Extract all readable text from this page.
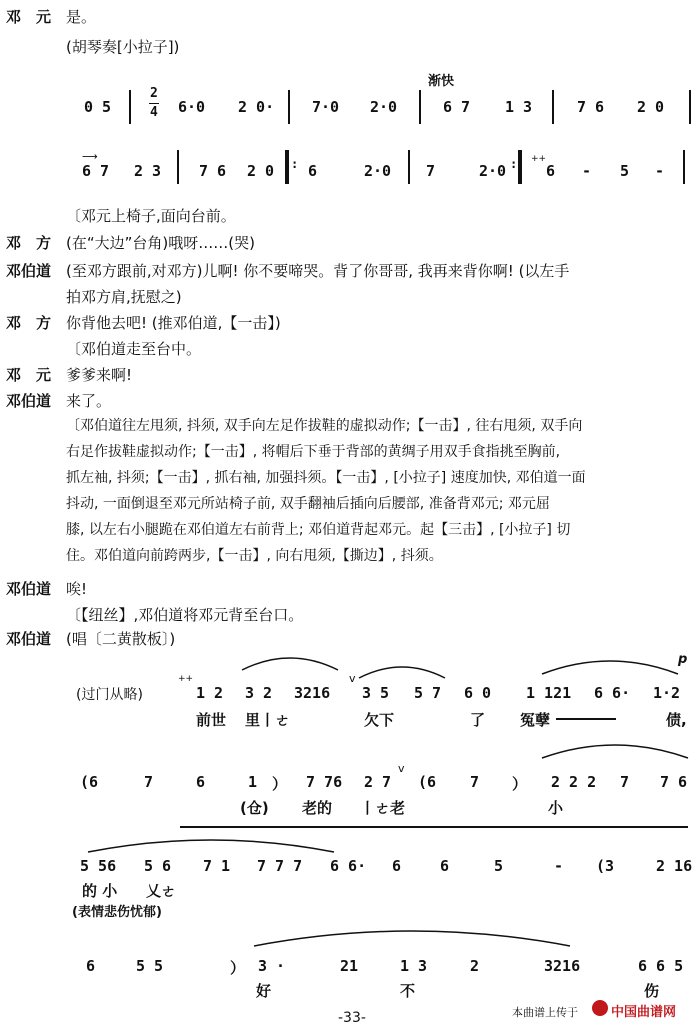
邓　元 是。
(胡琴奏[小拉子])
渐快
0 5
2
4 6·0 2 0·	7·0 2·0	6 7 1 3	7 6 2 0
⟶
6 7 2 3	7 6 2 0 : 6	2·0 7	2·0 : ++
6 - 5 -
〔邓元上椅子,面向台前。
邓　方 (在“大边”台角)哦呀……(哭)
邓伯道 (至邓方跟前,对邓方)儿啊! 你不要啼哭。背了你哥哥, 我再来背你啊! (以左手
拍邓方肩,抚慰之)
邓　方 你背他去吧! (推邓伯道,【一击】)
〔邓伯道走至台中。
邓　元 爹爹来啊!
邓伯道 来了。
〔邓伯道往左甩须, 抖须, 双手向左足作拔鞋的虚拟动作;【一击】, 往右甩须, 双手向
右足作拔鞋虚拟动作;【一击】, 将帽后下垂于背部的黄绸子用双手食指挑至胸前,
抓左袖, 抖须;【一击】, 抓右袖, 加强抖须。【一击】, [小拉子] 速度加快, 邓伯道一面
抖动, 一面倒退至邓元所站椅子前, 双手翻袖后插向后腰部, 准备背邓元; 邓元屈
膝, 以左右小腿跪在邓伯道左右前背上; 邓伯道背起邓元。起【三击】, [小拉子] 切
住。邓伯道向前跨两步,【一击】, 向右甩须,【撕边】, 抖须。
邓伯道 唉!
〔【纽丝】,邓伯道将邓元背至台口。
邓伯道 (唱〔二黄散板〕)
(过门从略)
++
p
1 2 3 2 3216
v
3 5 5 7 6 0 1 121 6 6· 1·2
前世 里丨ㄜ	欠下	了 冤孽	债,
(6	7	6	1 ） 7 76 2 7
v
(6 7 ） 2 2 2 7 7 6
(仓) 老的 丨ㄜ老	小
5 56 5 6 7 1 7 7 7 6 6· 6	6	5	- (3	2 16
的 小 乂ㄜ
(表情悲伤忧郁)
6	5 5	） 3 ·	21	1 3	2	3216	6 6 5
好	不	伤
-33-	本曲谱上传于	中国曲谱网
